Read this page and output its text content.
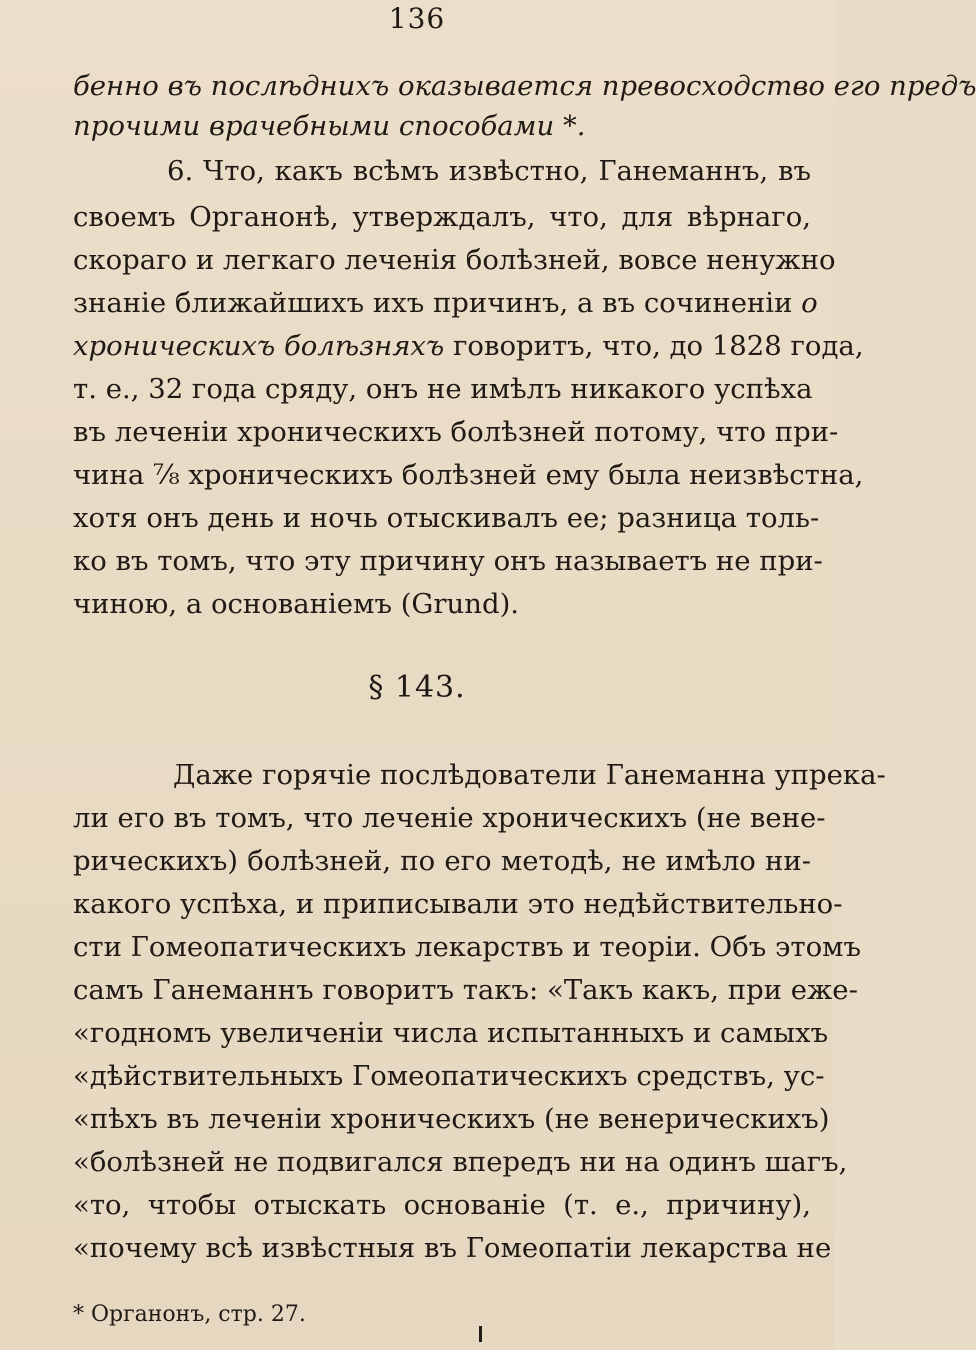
136
бенно въ послѣднихъ оказывается превосходство его предъ
прочими врачебными способами *.
6. Что, какъ всѣмъ извѣстно, Ганеманнъ, въ
своемъ Органонѣ, утверждалъ, что, для вѣрнаго,
скораго и легкаго леченія болѣзней, вовсе ненужно
знаніе ближайшихъ ихъ причинъ, а въ сочиненіи о
хроническихъ болѣзняхъ говоритъ, что, до 1828 года,
т. е., 32 года сряду, онъ не имѣлъ никакого успѣха
въ леченіи хроническихъ болѣзней потому, что при-
чина ⁷⁄₈ хроническихъ болѣзней ему была неизвѣстна,
хотя онъ день и ночь отыскивалъ ее; разница толь-
ко въ томъ, что эту причину онъ называетъ не при-
чиною, а основаніемъ (Grund).
§ 143.
Даже горячіе послѣдователи Ганеманна упрека-
ли его въ томъ, что леченіе хроническихъ (не вене-
рическихъ) болѣзней, по его методѣ, не имѣло ни-
какого успѣха, и приписывали это недѣйствительно-
сти Гомеопатическихъ лекарствъ и теоріи. Объ этомъ
самъ Ганеманнъ говоритъ такъ: «Такъ какъ, при еже-
«годномъ увеличеніи числа испытанныхъ и самыхъ
«дѣйствительныхъ Гомеопатическихъ средствъ, ус-
«пѣхъ въ леченіи хроническихъ (не венерическихъ)
«болѣзней не подвигался впередъ ни на одинъ шагъ,
«то, чтобы отыскать основаніе (т. е., причину),
«почему всѣ извѣстныя въ Гомеопатіи лекарства не
* Органонъ, стр. 27.
